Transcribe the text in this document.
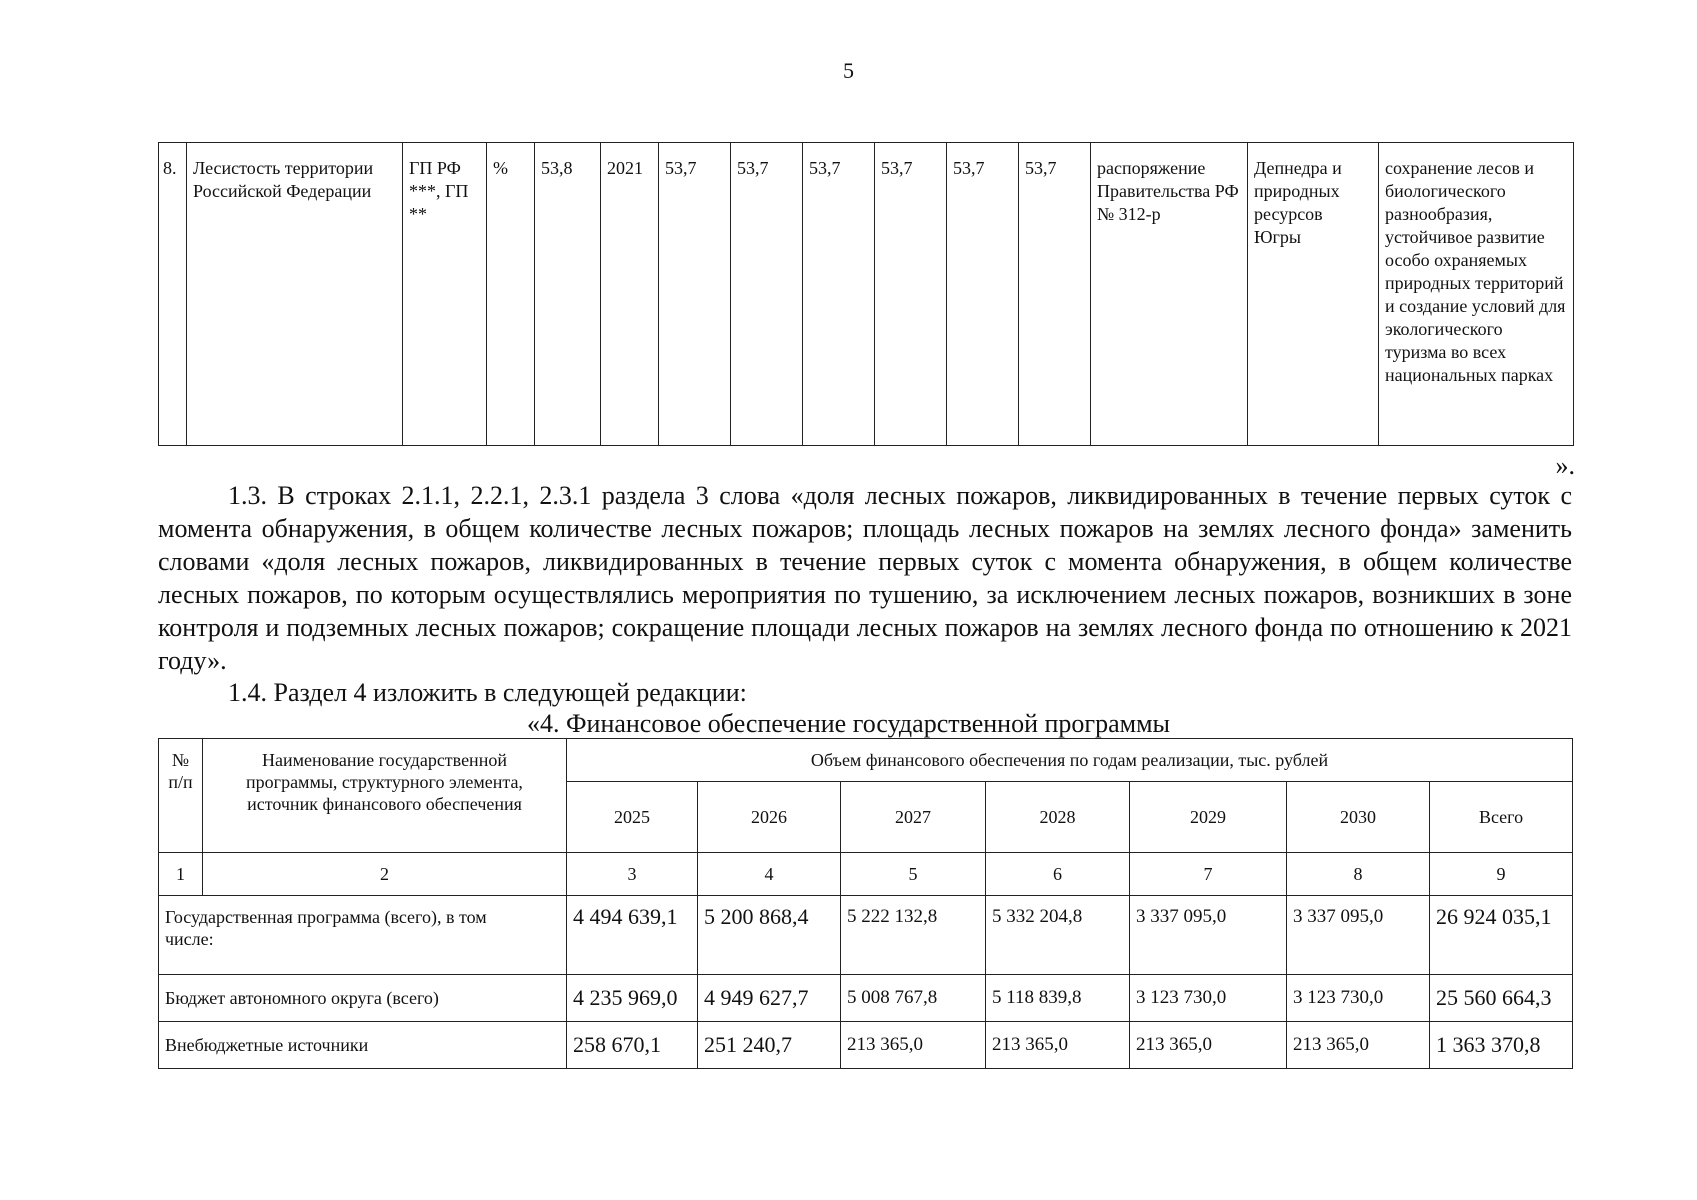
5
8.	Лесистость территории Российской Федерации	ГП РФ ***, ГП **	%	53,8	2021	53,7	53,7	53,7	53,7	53,7	53,7	распоряжение Правительства РФ № 312-р	Депнедра и природных ресурсов Югры	сохранение лесов и биологического разнообразия, устойчивое развитие особо охраняемых природных территорий и создание условий для экологического туризма во всех национальных парках
».
1.3. В строках 2.1.1, 2.2.1, 2.3.1 раздела 3 слова «доля лесных пожаров, ликвидированных в течение первых суток с момента обнаружения, в общем количестве лесных пожаров; площадь лесных пожаров на землях лесного фонда» заменить словами «доля лесных пожаров, ликвидированных в течение первых суток с момента обнаружения, в общем количестве лесных пожаров, по которым осуществлялись мероприятия по тушению, за исключением лесных пожаров, возникших в зоне контроля и подземных лесных пожаров; сокращение площади лесных пожаров на землях лесного фонда по отношению к 2021 году».
1.4. Раздел 4 изложить в следующей редакции:
«4. Финансовое обеспечение государственной программы
№ п/п	Наименование государственной программы, структурного элемента, источник финансового обеспечения	Объем финансового обеспечения по годам реализации, тыс. рублей						
		2025	2026	2027	2028	2029	2030	Всего
1	2	3	4	5	6	7	8	9
Государственная программа (всего), в том числе:		4 494 639,1	5 200 868,4	5 222 132,8	5 332 204,8	3 337 095,0	3 337 095,0	26 924 035,1
Бюджет автономного округа (всего)		4 235 969,0	4 949 627,7	5 008 767,8	5 118 839,8	3 123 730,0	3 123 730,0	25 560 664,3
Внебюджетные источники		258 670,1	251 240,7	213 365,0	213 365,0	213 365,0	213 365,0	1 363 370,8
